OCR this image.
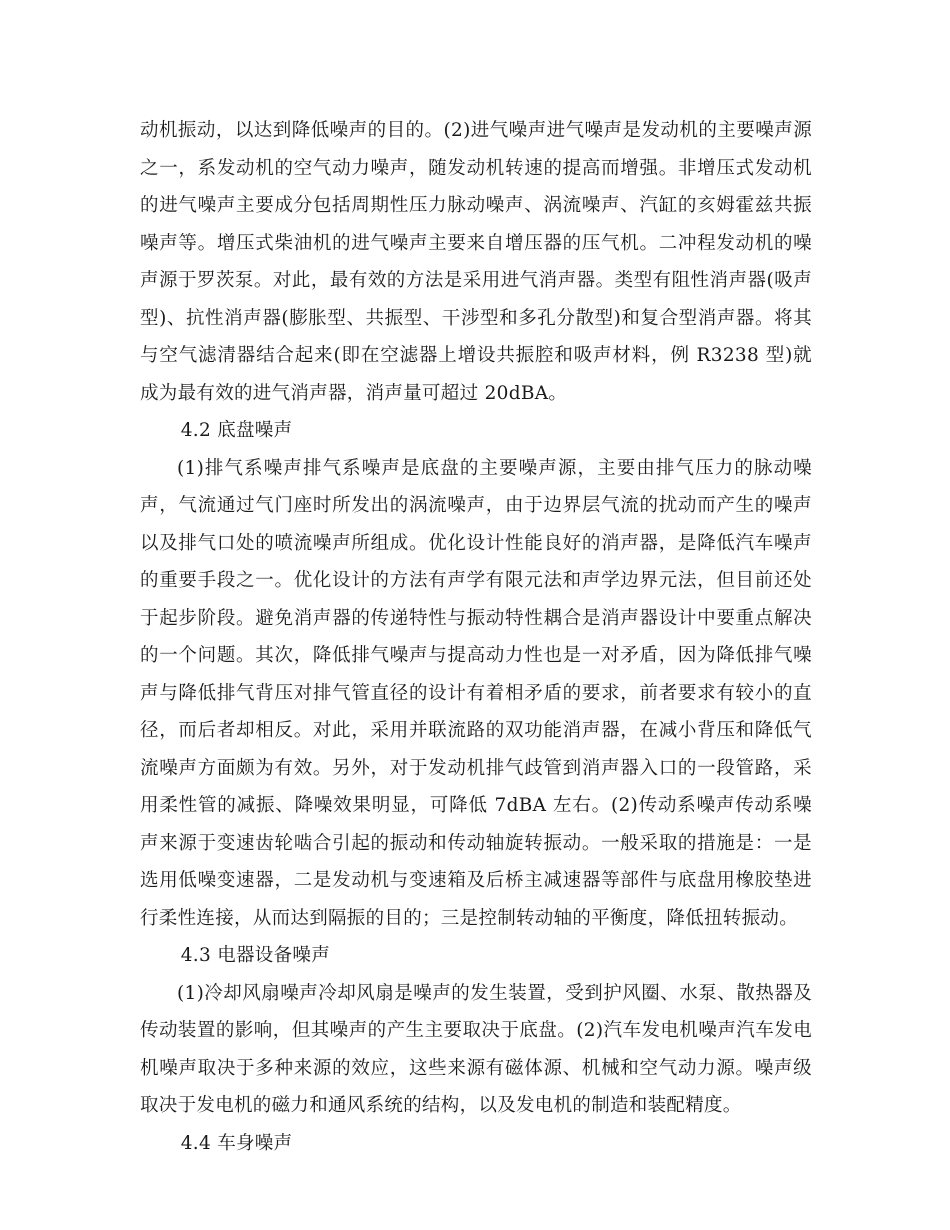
动机振动，以达到降低噪声的目的。(2)进气噪声进气噪声是发动机的主要噪声源之一，系发动机的空气动力噪声，随发动机转速的提高而增强。非增压式发动机的进气噪声主要成分包括周期性压力脉动噪声、涡流噪声、汽缸的亥姆霍兹共振噪声等。增压式柴油机的进气噪声主要来自增压器的压气机。二冲程发动机的噪声源于罗茨泵。对此，最有效的方法是采用进气消声器。类型有阻性消声器(吸声型)、抗性消声器(膨胀型、共振型、干涉型和多孔分散型)和复合型消声器。将其与空气滤清器结合起来(即在空滤器上增设共振腔和吸声材料，例 R3238 型)就成为最有效的进气消声器，消声量可超过 20dBA。

4.2 底盘噪声

(1)排气系噪声排气系噪声是底盘的主要噪声源，主要由排气压力的脉动噪声，气流通过气门座时所发出的涡流噪声，由于边界层气流的扰动而产生的噪声以及排气口处的喷流噪声所组成。优化设计性能良好的消声器，是降低汽车噪声的重要手段之一。优化设计的方法有声学有限元法和声学边界元法，但目前还处于起步阶段。避免消声器的传递特性与振动特性耦合是消声器设计中要重点解决的一个问题。其次，降低排气噪声与提高动力性也是一对矛盾，因为降低排气噪声与降低排气背压对排气管直径的设计有着相矛盾的要求，前者要求有较小的直径，而后者却相反。对此，采用并联流路的双功能消声器，在减小背压和降低气流噪声方面颇为有效。另外，对于发动机排气歧管到消声器入口的一段管路，采用柔性管的减振、降噪效果明显，可降低 7dBA 左右。(2)传动系噪声传动系噪声来源于变速齿轮啮合引起的振动和传动轴旋转振动。一般采取的措施是：一是选用低噪变速器，二是发动机与变速箱及后桥主减速器等部件与底盘用橡胶垫进行柔性连接，从而达到隔振的目的；三是控制转动轴的平衡度，降低扭转振动。

4.3 电器设备噪声

(1)冷却风扇噪声冷却风扇是噪声的发生装置，受到护风圈、水泵、散热器及传动装置的影响，但其噪声的产生主要取决于底盘。(2)汽车发电机噪声汽车发电机噪声取决于多种来源的效应，这些来源有磁体源、机械和空气动力源。噪声级取决于发电机的磁力和通风系统的结构，以及发电机的制造和装配精度。

4.4 车身噪声
